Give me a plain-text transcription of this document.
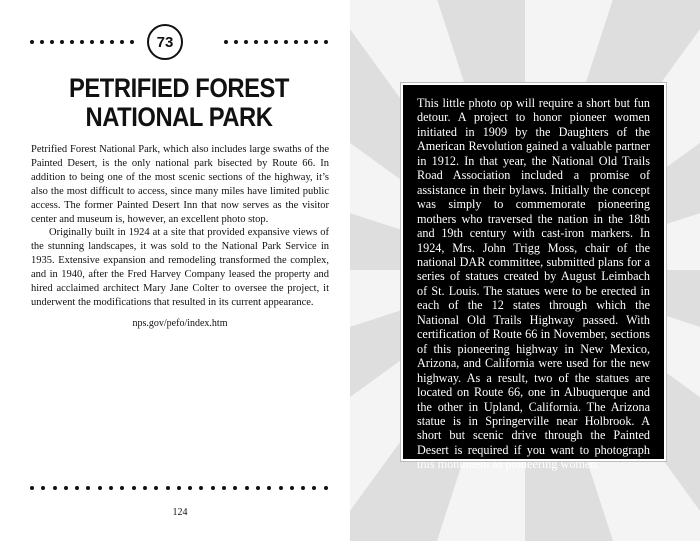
73
PETRIFIED FOREST
NATIONAL PARK

Petrified Forest National Park, which also includes large swaths of the Painted Desert, is the only national park bisected by Route 66. In addition to being one of the most scenic sections of the highway, it’s also the most difficult to access, since many miles have limited public access. The former Painted Desert Inn that now serves as the visitor center and museum is, however, an excellent photo stop.

Originally built in 1924 at a site that provided expansive views of the stunning landscapes, it was sold to the National Park Service in 1935. Extensive expansion and remodeling transformed the complex, and in 1940, after the Fred Harvey Company leased the property and hired acclaimed architect Mary Jane Colter to oversee the project, it underwent the modifications that resulted in its current appearance.

nps.gov/pefo/index.htm
124

This little photo op will require a short but fun detour. A project to honor pioneer women initiated in 1909 by the Daughters of the American Revolution gained a valuable partner in 1912. In that year, the National Old Trails Road Association included a promise of assistance in their bylaws. Initially the concept was simply to commemorate pioneering mothers who traversed the nation in the 18th and 19th century with cast-iron markers. In 1924, Mrs. John Trigg Moss, chair of the national DAR committee, submitted plans for a series of statues created by August Leimbach of St. Louis. The statues were to be erected in each of the 12 states through which the National Old Trails Highway passed. With certification of Route 66 in November, sections of this pioneering highway in New Mexico, Arizona, and California were used for the new highway. As a result, two of the statues are located on Route 66, one in Albuquerque and the other in Upland, California. The Arizona statue is in Springerville near Holbrook. A short but scenic drive through the Painted Desert is required if you want to photograph this monument to pioneering women.
